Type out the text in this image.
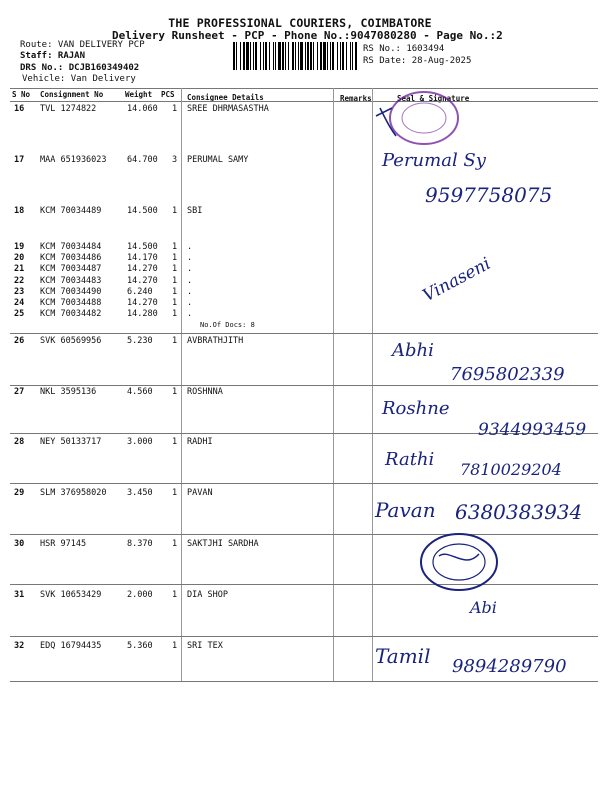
THE PROFESSIONAL COURIERS, COIMBATORE
Delivery Runsheet - PCP - Phone No.:9047080280 - Page No.:2
Route: VAN DELIVERY PCP
Staff: RAJAN
DRS No.: DCJB160349402
Vehicle: Van Delivery
RS No.: 1603494
RS Date: 28-Aug-2025
S No Consignment No	Weight PCS Consignee Details	Remarks	Seal & Signature
16 TVL 1274822	14.060 1 SREE DHRMASASTHA
17 MAA 651936023 64.700 3 PERUMAL SAMY
18 KCM 70034489	14.500 1 SBI
19 KCM 70034484	14.500 1 .
20 KCM 70034486	14.170 1 .
21 KCM 70034487	14.270 1 .
22 KCM 70034483	14.270 1 .
23 KCM 70034490	6.240 1 .
24 KCM 70034488	14.270 1 .
25 KCM 70034482	14.280 1 .
No.Of Docs: 8
26 SVK 60569956	5.230 1 AVBRATHJITH
27 NKL 3595136	4.560 1 ROSHNNA
28 NEY 50133717	3.000 1 RADHI
29 SLM 376958020 3.450 1 PAVAN
30 HSR 97145	8.370 1 SAKTJHI SARDHA
31 SVK 10653429	2.000 1 DIA SHOP
32 EDQ 16794435	5.360 1 SRI TEX
Perumal Sy
9597758075
Vinaseni
Abhi
7695802339
Roshne
9344993459
Rathi 7810029204
Pavan 6380383934
Abi
Tamil 9894289790
